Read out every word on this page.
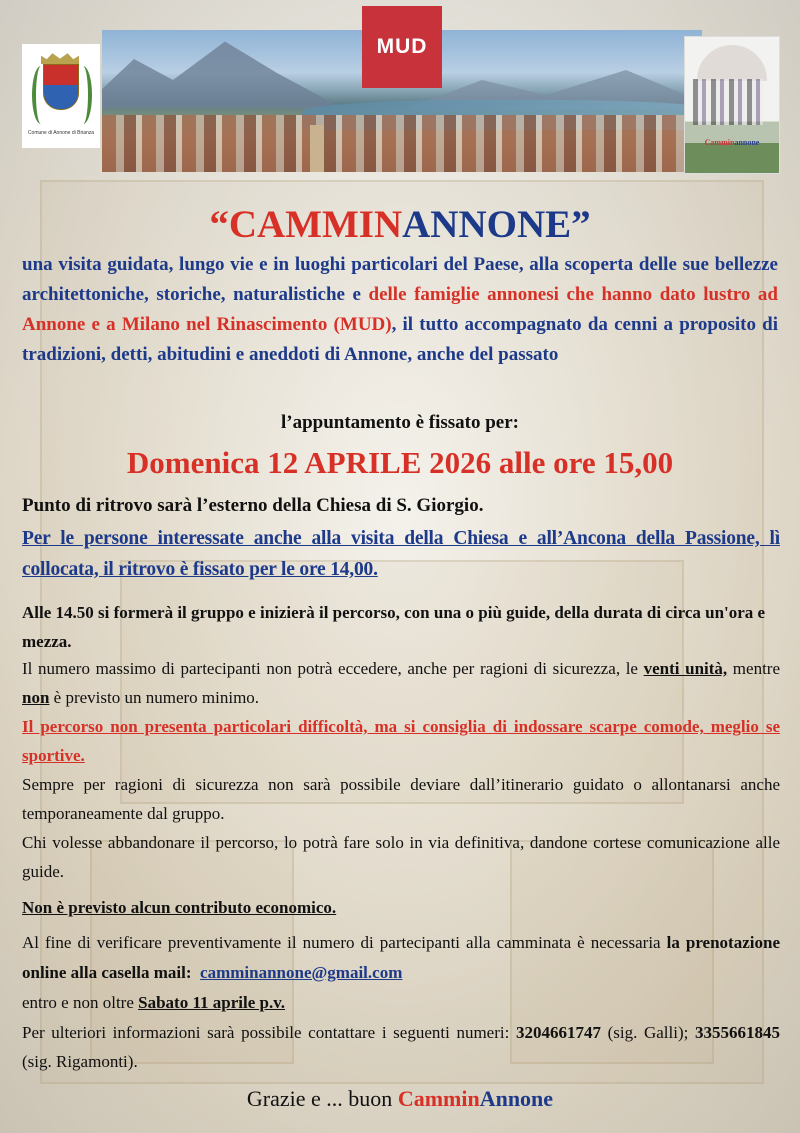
Comune di Annone di Brianza
MUD
Camminannone
“CAMMINANNONE”
una visita guidata, lungo vie e in luoghi particolari del Paese, alla scoperta delle sue bellezze architettoniche, storiche, naturalistiche e delle famiglie annonesi che hanno dato lustro ad Annone e a Milano nel Rinascimento (MUD), il tutto accompagnato da cenni a proposito di tradizioni, detti, abitudini e aneddoti di Annone, anche del passato
l’appuntamento è fissato per:
Domenica 12 APRILE 2026 alle ore 15,00
Punto di ritrovo sarà l’esterno della Chiesa di S. Giorgio.
Per le persone interessate anche alla visita della Chiesa e all’Ancona della Passione, lì collocata, il ritrovo è fissato per le ore 14,00.
Alle 14.50 si formerà il gruppo e inizierà il percorso, con una o più guide, della durata di circa un'ora e mezza.
Il numero massimo di partecipanti non potrà eccedere, anche per ragioni di sicurezza, le venti unità, mentre non è previsto un numero minimo.
Il percorso non presenta particolari difficoltà, ma si consiglia di indossare scarpe comode, meglio se sportive.
Sempre per ragioni di sicurezza non sarà possibile deviare dall’itinerario guidato o allontanarsi anche temporaneamente dal gruppo.
Chi volesse abbandonare il percorso, lo potrà fare solo in via definitiva, dandone cortese comunicazione alle guide.
Non è previsto alcun contributo economico.
Al fine di verificare preventivamente il numero di partecipanti alla camminata è necessaria la prenotazione online alla casella mail: camminannone@gmail.com
entro e non oltre Sabato 11 aprile p.v.
Per ulteriori informazioni sarà possibile contattare i seguenti numeri: 3204661747 (sig. Galli); 3355661845 (sig. Rigamonti).
Grazie e ... buon CamminAnnone
